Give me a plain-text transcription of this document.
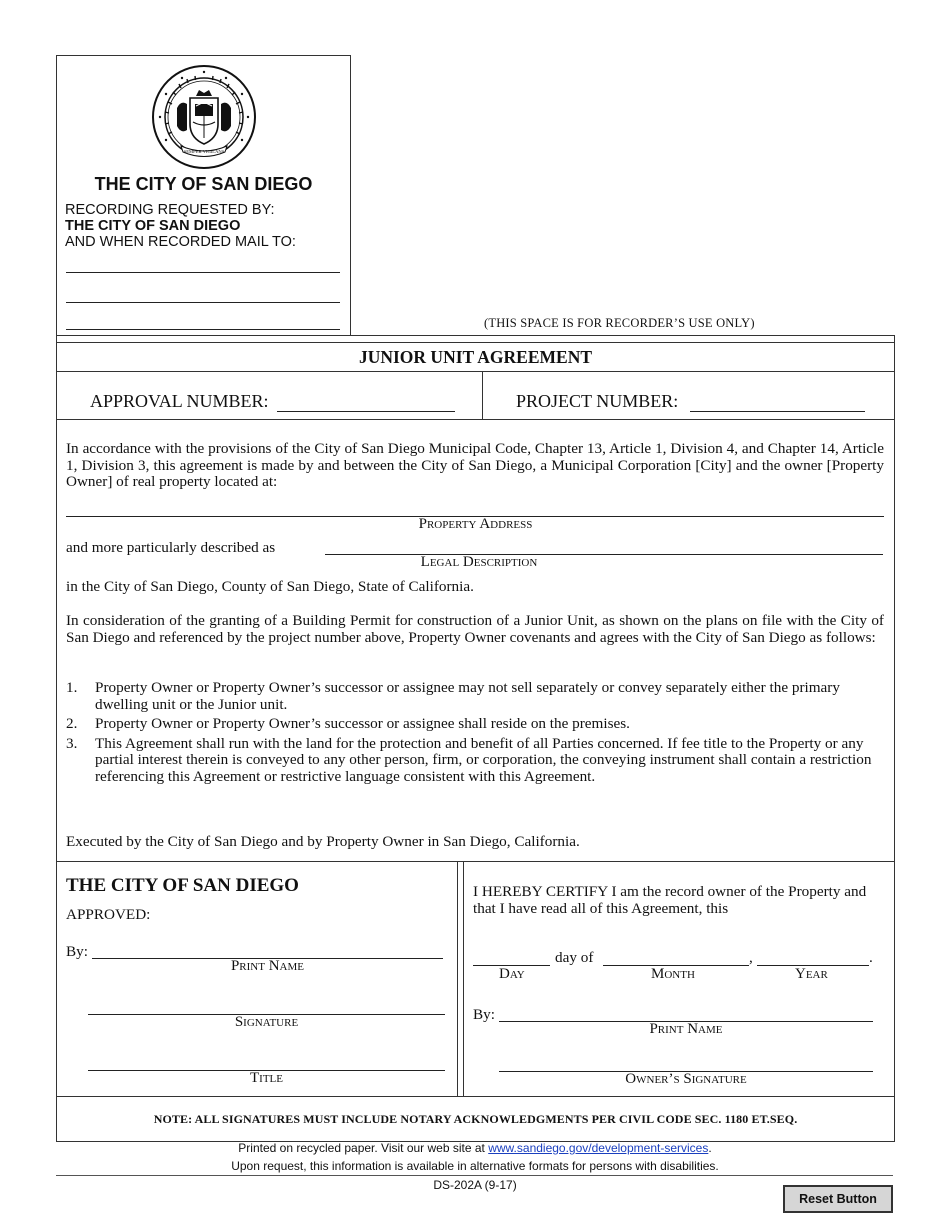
SEMPER VIGILANS
THE CITY OF SAN DIEGO
RECORDING REQUESTED BY:
THE CITY OF SAN DIEGO
AND WHEN RECORDED MAIL TO:
(THIS SPACE IS FOR RECORDER’S USE ONLY)
JUNIOR UNIT AGREEMENT
APPROVAL NUMBER:	PROJECT NUMBER:
In accordance with the provisions of the City of San Diego Municipal Code, Chapter 13, Article 1, Division 4, and Chapter 14, Article 1, Division 3, this agreement is made by and between the City of San Diego, a Municipal Corporation [City] and the owner [Property Owner] of real property located at:
Property Address
and more particularly described as
Legal Description
in the City of San Diego, County of San Diego, State of California.
In consideration of the granting of a Building Permit for construction of a Junior Unit, as shown on the plans on file with the City of San Diego and referenced by the project number above, Property Owner covenants and agrees with the City of San Diego as follows:
1. Property Owner or Property Owner’s successor or assignee may not sell separately or convey separately either the primary dwelling unit or the Junior unit.
2. Property Owner or Property Owner’s successor or assignee shall reside on the premises.
3. This Agreement shall run with the land for the protection and benefit of all Parties concerned. If fee title to the Property or any partial interest therein is conveyed to any other person, firm, or corporation, the conveying instrument shall contain a restriction referencing this Agreement or restrictive language consistent with this Agreement.
Executed by the City of San Diego and by Property Owner in San Diego, California.
THE CITY OF SAN DIEGO
APPROVED:
By:
Print Name
Signature
Title
I HEREBY CERTIFY I am the record owner of the Property and that I have read all of this Agreement, this
day of	,	.
Day	Month	Year
By:
Print Name
Owner’s Signature
NOTE: ALL SIGNATURES MUST INCLUDE NOTARY ACKNOWLEDGMENTS PER CIVIL CODE SEC. 1180 ET.SEQ.
Printed on recycled paper. Visit our web site at www.sandiego.gov/development-services.
Upon request, this information is available in alternative formats for persons with disabilities.
DS-202A (9-17)
Reset Button
